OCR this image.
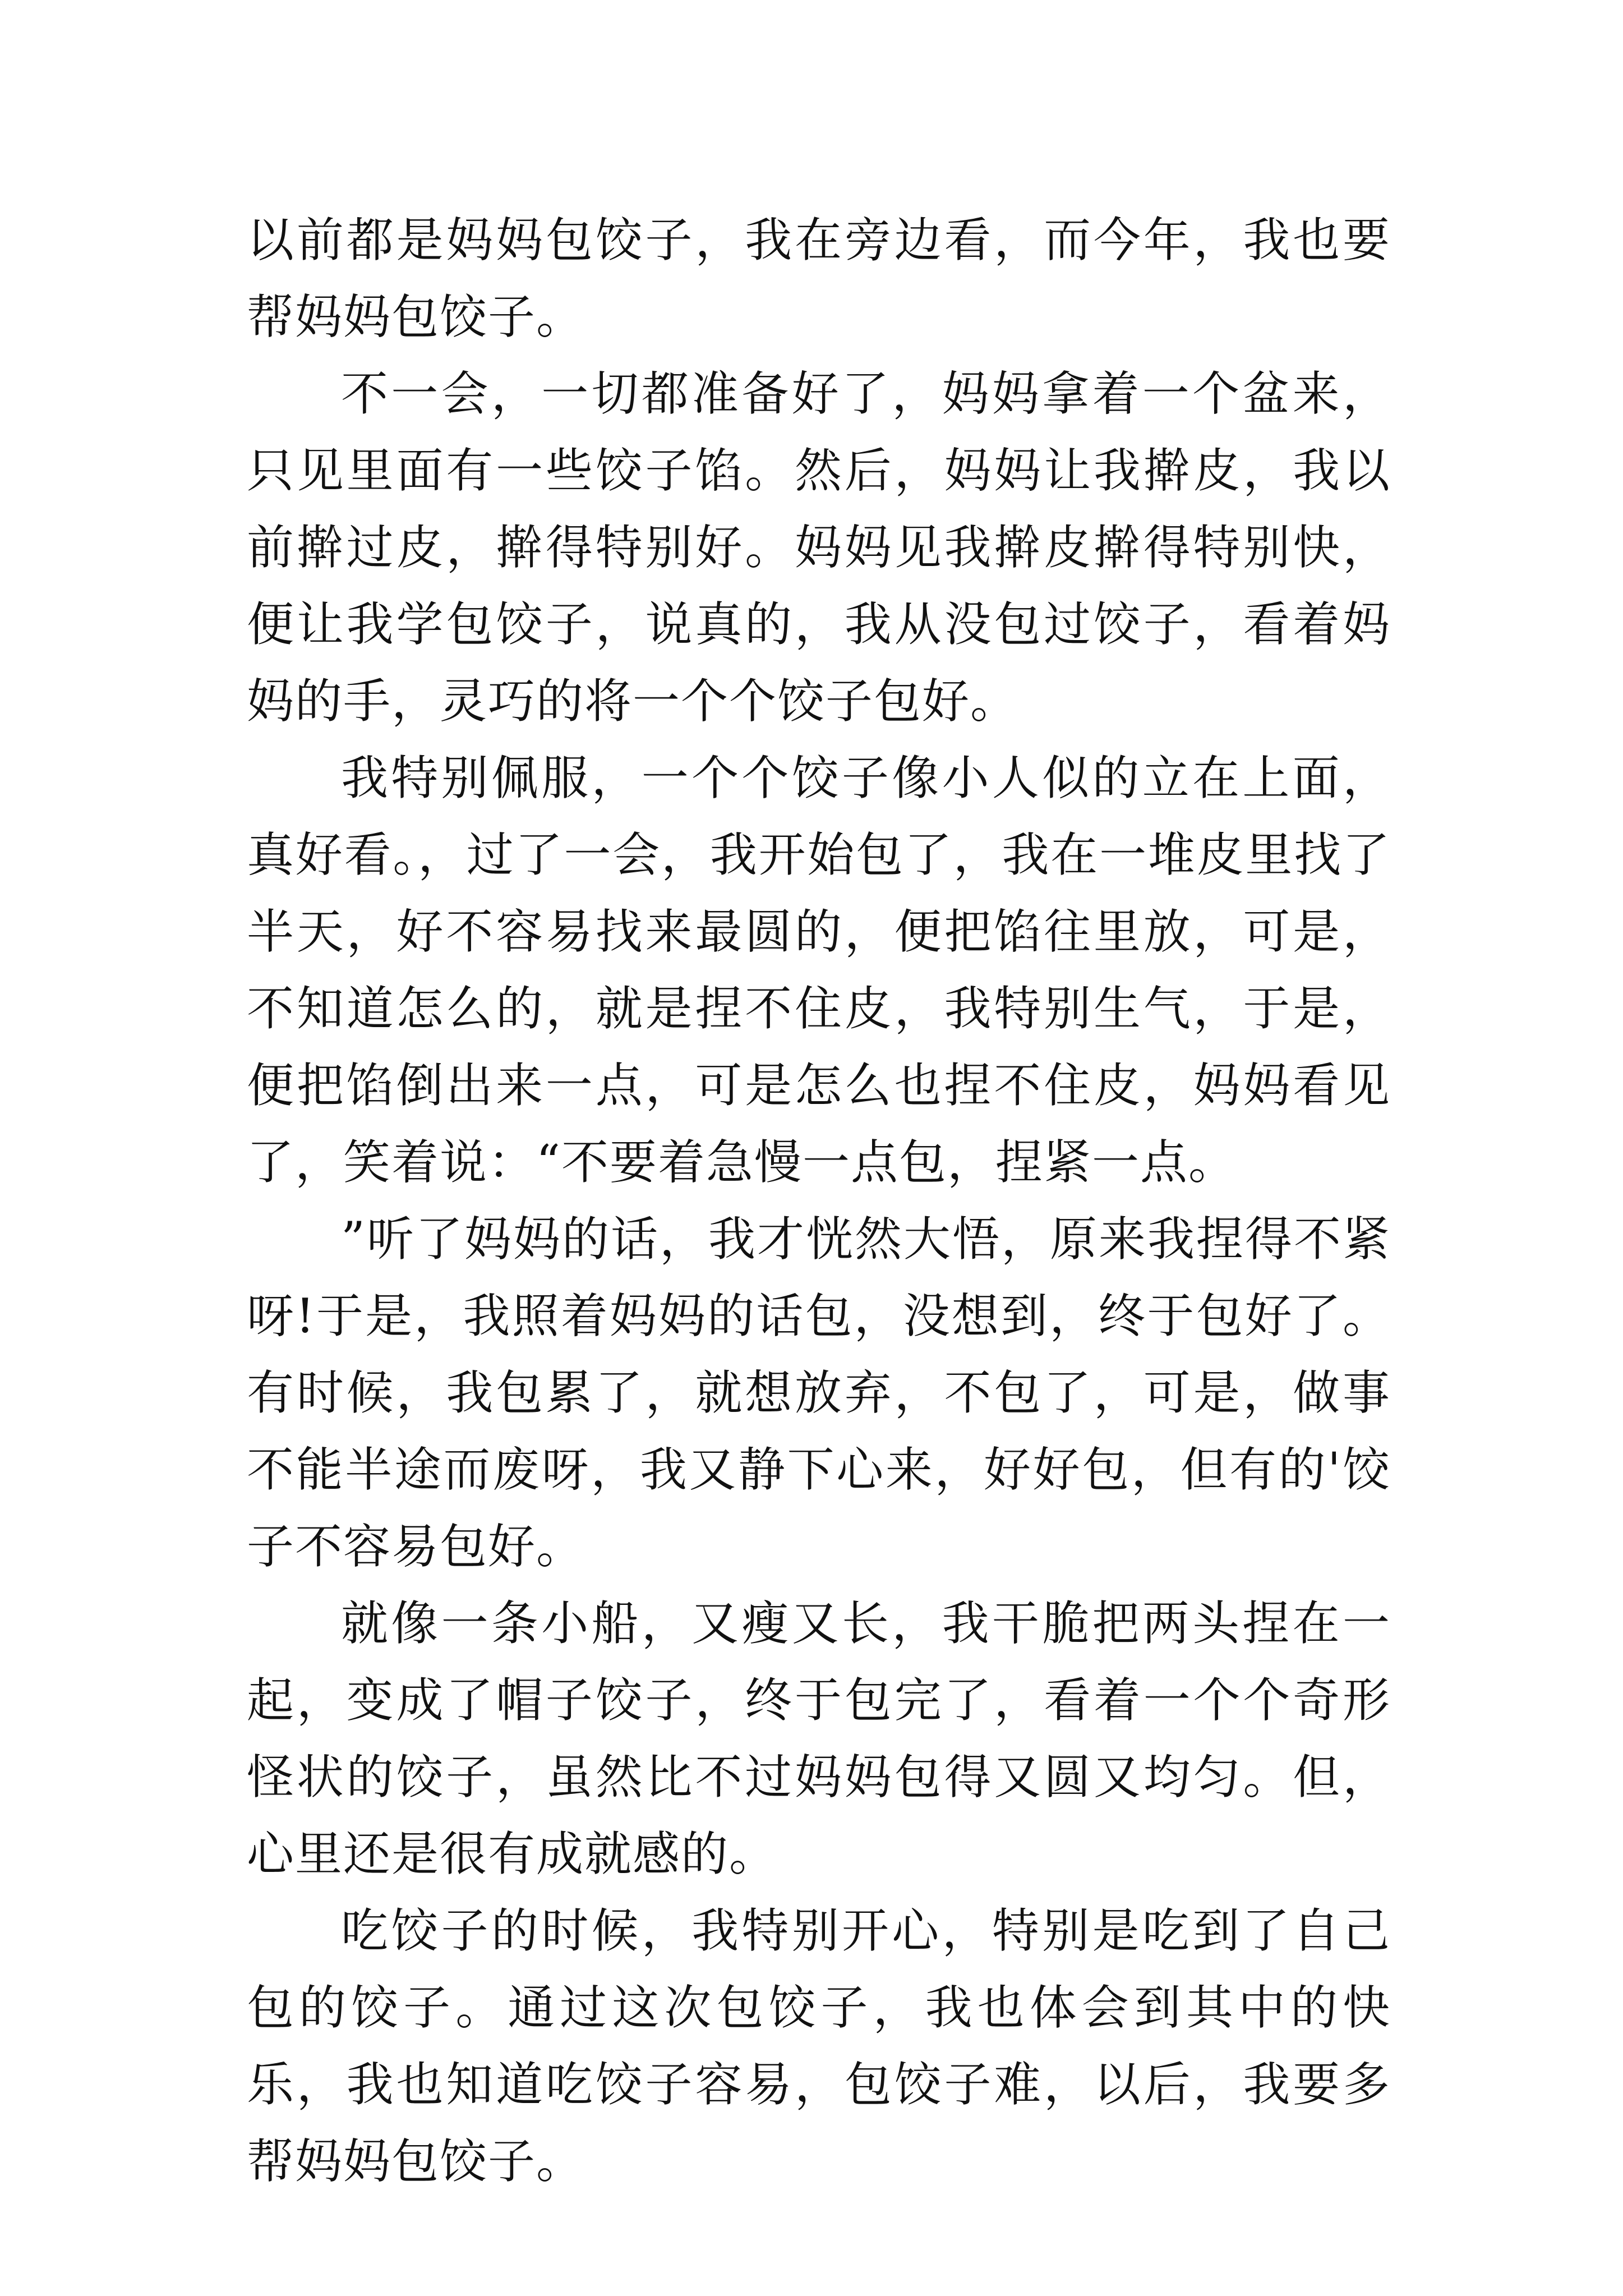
以前都是妈妈包饺子，我在旁边看，而今年，我也要帮妈妈包饺子。

不一会，一切都准备好了，妈妈拿着一个盆来，只见里面有一些饺子馅。然后，妈妈让我擀皮，我以前擀过皮，擀得特别好。妈妈见我擀皮擀得特别快，便让我学包饺子，说真的，我从没包过饺子，看着妈妈的手，灵巧的将一个个饺子包好。

我特别佩服，一个个饺子像小人似的立在上面，真好看。，过了一会，我开始包了，我在一堆皮里找了半天，好不容易找来最圆的，便把馅往里放，可是，不知道怎么的，就是捏不住皮，我特别生气，于是，便把馅倒出来一点，可是怎么也捏不住皮，妈妈看见了，笑着说：“不要着急慢一点包，捏紧一点。

”听了妈妈的话，我才恍然大悟，原来我捏得不紧呀!于是，我照着妈妈的话包，没想到，终于包好了。有时候，我包累了，就想放弃，不包了，可是，做事不能半途而废呀，我又静下心来，好好包，但有的'饺子不容易包好。

就像一条小船，又瘦又长，我干脆把两头捏在一起，变成了帽子饺子，终于包完了，看着一个个奇形怪状的饺子，虽然比不过妈妈包得又圆又均匀。但，心里还是很有成就感的。

吃饺子的时候，我特别开心，特别是吃到了自己包的饺子。通过这次包饺子，我也体会到其中的快乐，我也知道吃饺子容易，包饺子难，以后，我要多帮妈妈包饺子。
